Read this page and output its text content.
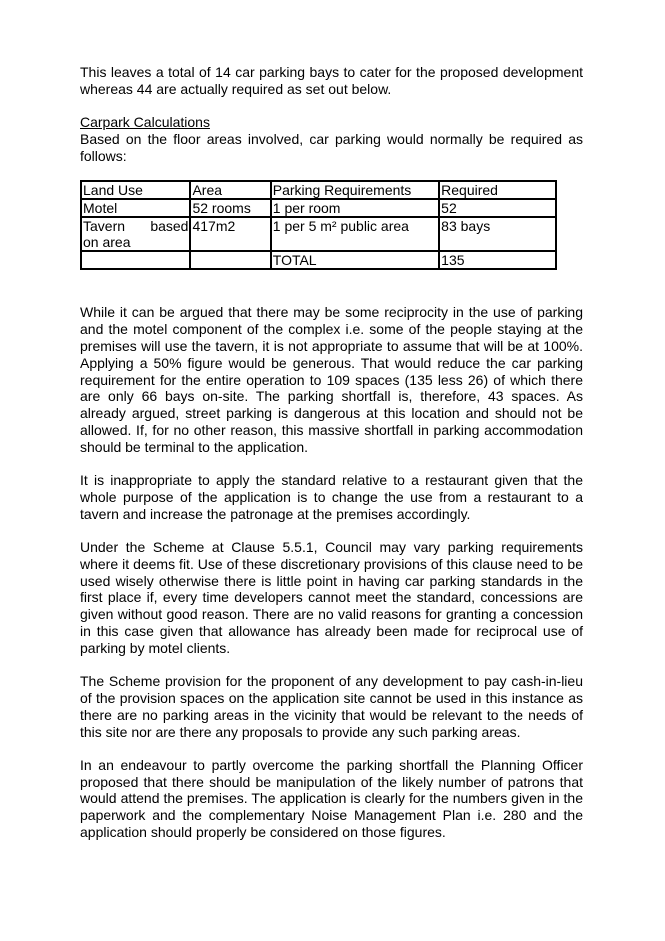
This leaves a total of 14 car parking bays to cater for the proposed development whereas 44 are actually required as set out below.

Carpark Calculations

Based on the floor areas involved, car parking would normally be required as follows:

Land Use	Area	Parking Requirements	Required
Motel	52 rooms	1 per room	52

Tavern based
on area	417m2	1 per 5 m² public area	83 bays
		TOTAL	135

While it can be argued that there may be some reciprocity in the use of parking and the motel component of the complex i.e. some of the people staying at the premises will use the tavern, it is not appropriate to assume that will be at 100%. Applying a 50% figure would be generous. That would reduce the car parking requirement for the entire operation to 109 spaces (135 less 26) of which there are only 66 bays on-site. The parking shortfall is, therefore, 43 spaces. As already argued, street parking is dangerous at this location and should not be allowed. If, for no other reason, this massive shortfall in parking accommodation should be terminal to the application.

It is inappropriate to apply the standard relative to a restaurant given that the whole purpose of the application is to change the use from a restaurant to a tavern and increase the patronage at the premises accordingly.

Under the Scheme at Clause 5.5.1, Council may vary parking requirements where it deems fit. Use of these discretionary provisions of this clause need to be used wisely otherwise there is little point in having car parking standards in the first place if, every time developers cannot meet the standard, concessions are given without good reason. There are no valid reasons for granting a concession in this case given that allowance has already been made for reciprocal use of parking by motel clients.

The Scheme provision for the proponent of any development to pay cash-in-lieu of the provision spaces on the application site cannot be used in this instance as there are no parking areas in the vicinity that would be relevant to the needs of this site nor are there any proposals to provide any such parking areas.

In an endeavour to partly overcome the parking shortfall the Planning Officer proposed that there should be manipulation of the likely number of patrons that would attend the premises. The application is clearly for the numbers given in the paperwork and the complementary Noise Management Plan i.e. 280 and the application should properly be considered on those figures.
